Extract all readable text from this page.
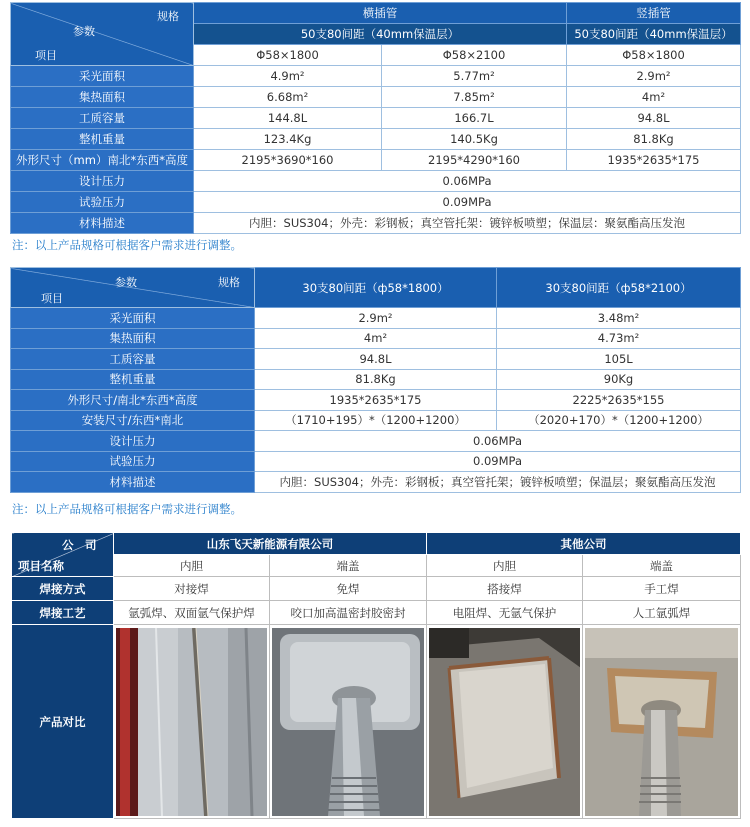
规格
参数
项目	横插管		竖插管
	50支80间距（40mm保温层）		50支80间距（40mm保温层）
	Φ58×1800	Φ58×2100	Φ58×1800
采光面积	4.9m²	5.77m²	2.9m²
集热面积	6.68m²	7.85m²	4m²
工质容量	144.8L	166.7L	94.8L
整机重量	123.4Kg	140.5Kg	81.8Kg
外形尺寸（mm）南北*东西*高度	2195*3690*160	2195*4290*160	1935*2635*175
设计压力	0.06MPa		
试验压力	0.09MPa		
材料描述	内胆：SUS304；外壳：彩钢板；真空管托架：镀锌板喷塑；保温层：聚氨酯高压发泡		
注：以上产品规格可根据客户需求进行调整。
参数 规格
项目	30支80间距（ф58*1800）	30支80间距（ф58*2100）
采光面积	2.9m²	3.48m²
集热面积	4m²	4.73m²
工质容量	94.8L	105L
整机重量	81.8Kg	90Kg
外形尺寸/南北*东西*高度	1935*2635*175	2225*2635*155
安装尺寸/东西*南北	（1710+195）*（1200+1200）	（2020+170）*（1200+1200）
设计压力	0.06MPa	
试验压力	0.09MPa	
材料描述	内胆：SUS304；外壳：彩钢板；真空管托架；镀锌板喷塑；保温层；聚氨酯高压发泡	
注：以上产品规格可根据客户需求进行调整。
公　司
项目名称	山东飞天新能源有限公司		其他公司	
	内胆	端盖	内胆	端盖
焊接方式	对接焊	免焊	搭接焊	手工焊
焊接工艺	氩弧焊、双面氩气保护焊	咬口加高温密封胶密封	电阻焊、无氩气保护	人工氩弧焊
产品对比	
